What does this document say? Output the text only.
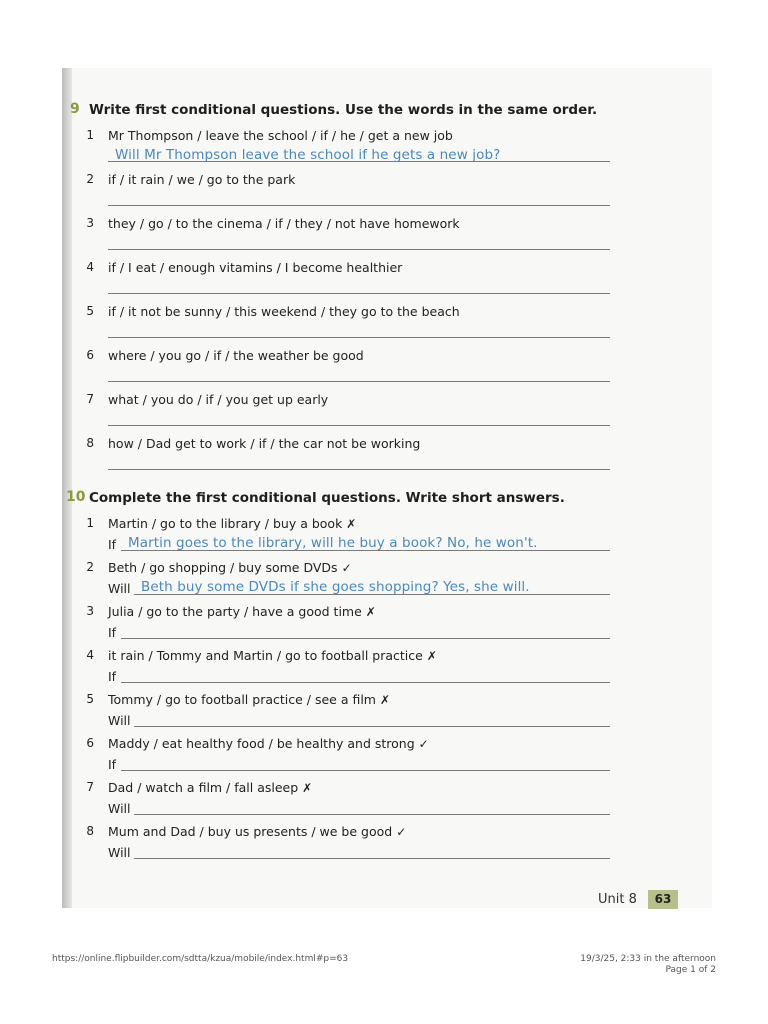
9 Write first conditional questions. Use the words in the same order.
1 Mr Thompson / leave the school / if / he / get a new job
Will Mr Thompson leave the school if he gets a new job?
2 if / it rain / we / go to the park
3 they / go / to the cinema / if / they / not have homework
4 if / I eat / enough vitamins / I become healthier
5 if / it not be sunny / this weekend / they go to the beach
6 where / you go / if / the weather be good
7 what / you do / if / you get up early
8 how / Dad get to work / if / the car not be working
10 Complete the first conditional questions. Write short answers.
1 Martin / go to the library / buy a book ✗
If Martin goes to the library, will he buy a book? No, he won't.
2 Beth / go shopping / buy some DVDs ✓
Will Beth buy some DVDs if she goes shopping? Yes, she will.
3 Julia / go to the party / have a good time ✗
If
4 it rain / Tommy and Martin / go to football practice ✗
If
5 Tommy / go to football practice / see a film ✗
Will
6 Maddy / eat healthy food / be healthy and strong ✓
If
7 Dad / watch a film / fall asleep ✗
Will
8 Mum and Dad / buy us presents / we be good ✓
Will
Unit 8	63
https://online.flipbuilder.com/sdtta/kzua/mobile/index.html#p=63	19/3/25, 2:33 in the afternoon
Page 1 of 2
